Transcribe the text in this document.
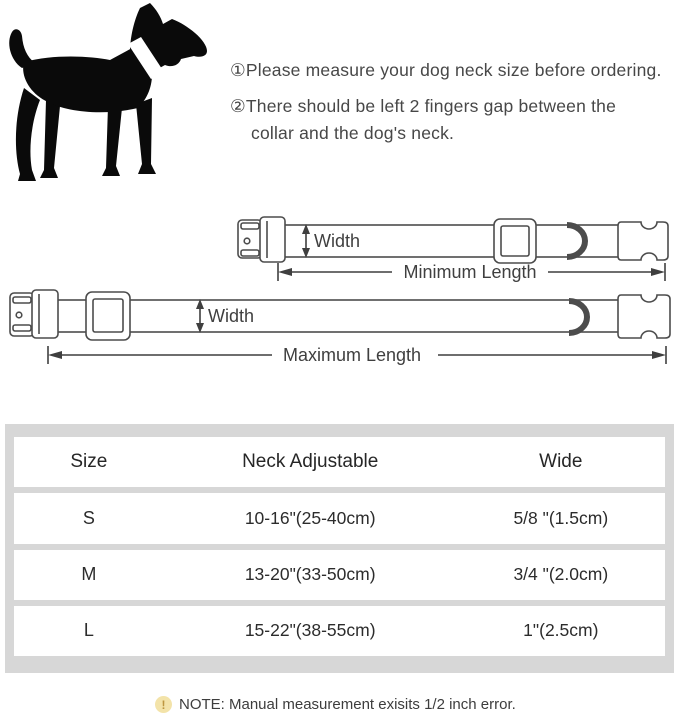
①Please measure your dog neck size before ordering.
②There should be left 2 fingers gap between the
collar and the dog's neck.
Width
Minimum Length
Width
Maximum Length
Size	Neck Adjustable	Wide
S	10-16"(25-40cm)	5/8 "(1.5cm)
M	13-20"(33-50cm)	3/4 "(2.0cm)
L	15-22"(38-55cm)	1"(2.5cm)
! NOTE: Manual measurement exisits 1/2 inch error.
